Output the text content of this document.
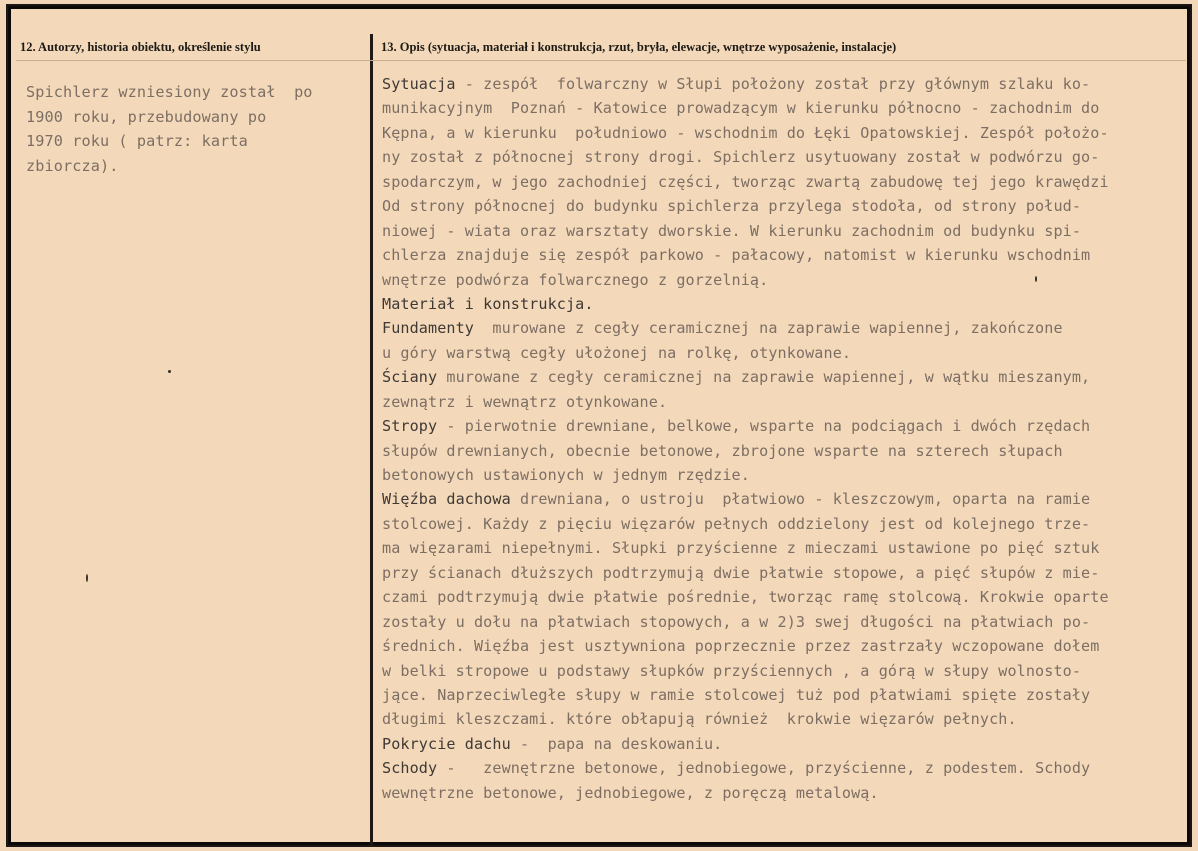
12. Autorzy, historia obiektu, określenie stylu	13. Opis (sytuacja, materiał i konstrukcja, rzut, bryła, elewacje, wnętrze wyposażenie, instalacje)
Spichlerz wzniesiony został  po
1900 roku, przebudowany po
1970 roku ( patrz: karta
zbiorcza).
Sytuacja - zespół  folwarczny w Słupi położony został przy głównym szlaku ko-
munikacyjnym  Poznań - Katowice prowadzącym w kierunku północno - zachodnim do
Kępna, a w kierunku  południowo - wschodnim do Łęki Opatowskiej. Zespół położo-
ny został z północnej strony drogi. Spichlerz usytuowany został w podwórzu go-
spodarczym, w jego zachodniej części, tworząc zwartą zabudowę tej jego krawędzi
Od strony północnej do budynku spichlerza przylega stodoła, od strony połud-
niowej - wiata oraz warsztaty dworskie. W kierunku zachodnim od budynku spi-
chlerza znajduje się zespół parkowo - pałacowy, natomist w kierunku wschodnim
wnętrze podwórza folwarcznego z gorzelnią.
Materiał i konstrukcja.
Fundamenty  murowane z cegły ceramicznej na zaprawie wapiennej, zakończone
u góry warstwą cegły ułożonej na rolkę, otynkowane.
Ściany murowane z cegły ceramicznej na zaprawie wapiennej, w wątku mieszanym,
zewnątrz i wewnątrz otynkowane.
Stropy - pierwotnie drewniane, belkowe, wsparte na podciągach i dwóch rzędach
słupów drewnianych, obecnie betonowe, zbrojone wsparte na szterech słupach
betonowych ustawionych w jednym rzędzie.
Więźba dachowa drewniana, o ustroju  płatwiowo - kleszczowym, oparta na ramie
stolcowej. Każdy z pięciu więzarów pełnych oddzielony jest od kolejnego trze-
ma więzarami niepełnymi. Słupki przyścienne z mieczami ustawione po pięć sztuk
przy ścianach dłuższych podtrzymują dwie płatwie stopowe, a pięć słupów z mie-
czami podtrzymują dwie płatwie pośrednie, tworząc ramę stolcową. Krokwie oparte
zostały u dołu na płatwiach stopowych, a w 2)3 swej długości na płatwiach po-
średnich. Więźba jest usztywniona poprzecznie przez zastrzały wczopowane dołem
w belki stropowe u podstawy słupków przyściennych , a górą w słupy wolnosto-
jące. Naprzeciwległe słupy w ramie stolcowej tuż pod płatwiami spięte zostały
długimi kleszczami. które obłapują również  krokwie więzarów pełnych.
Pokrycie dachu -  papa na deskowaniu.
Schody -   zewnętrzne betonowe, jednobiegowe, przyścienne, z podestem. Schody
wewnętrzne betonowe, jednobiegowe, z poręczą metalową.
